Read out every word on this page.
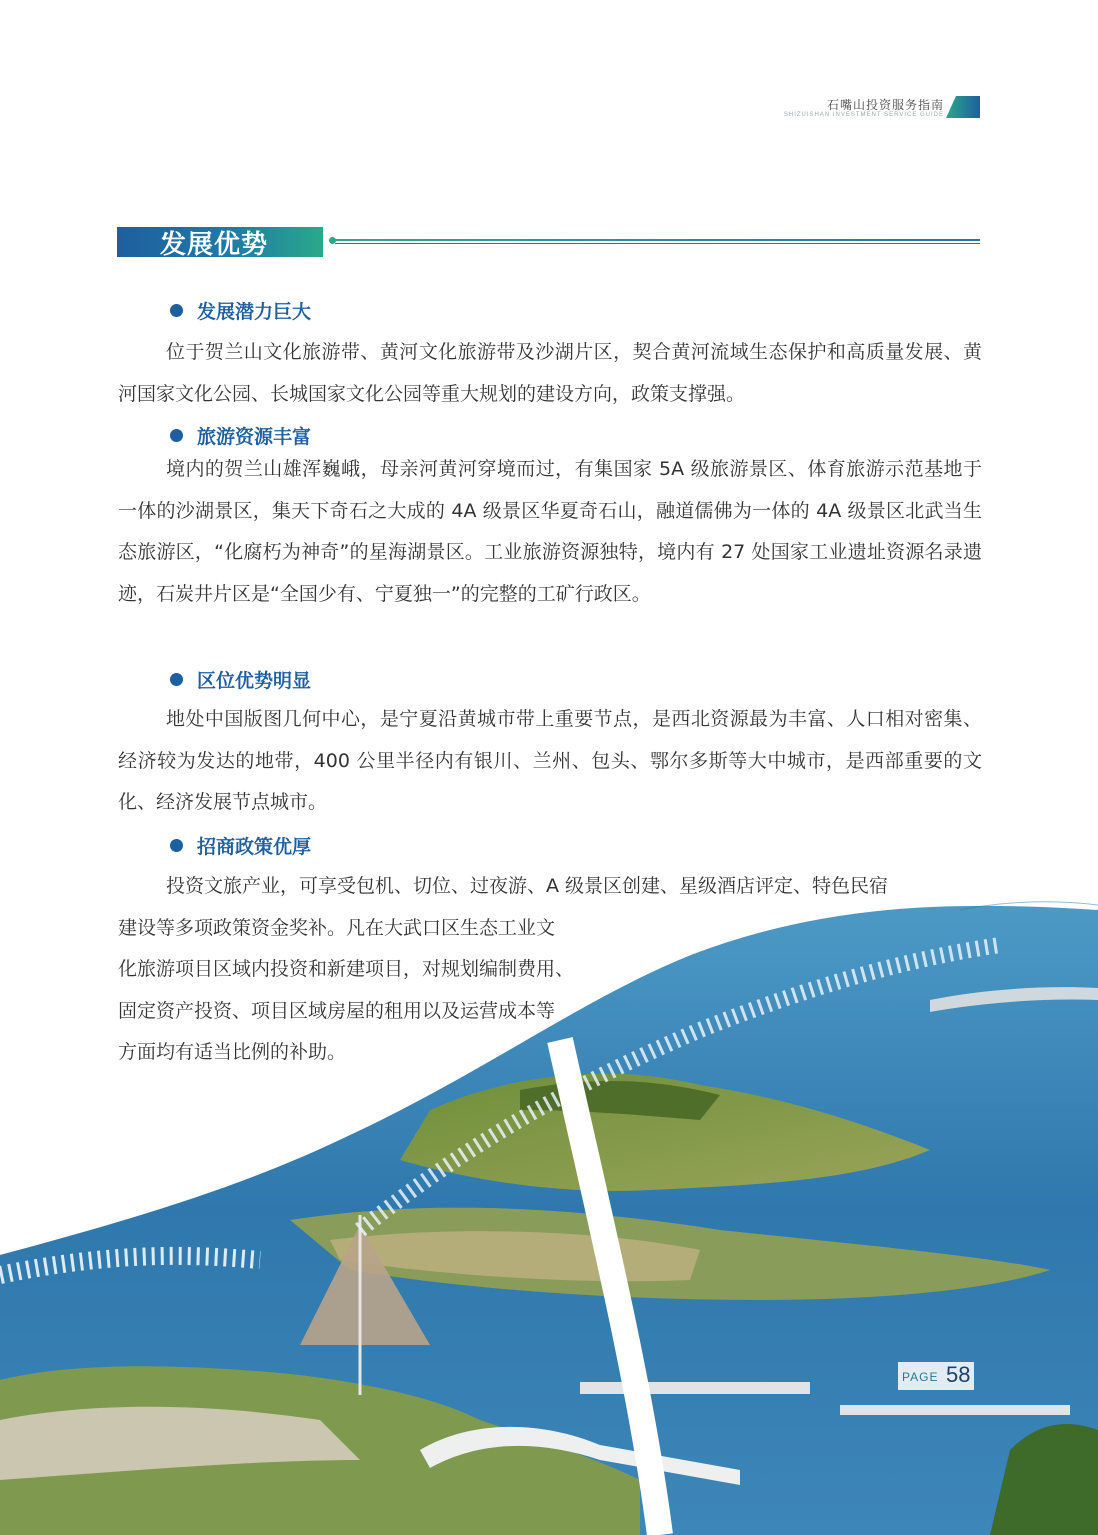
石嘴山投资服务指南
SHIZUISHAN INVESTMENT SERVICE GUIDE
发展优势
发展潜力巨大
位于贺兰山文化旅游带、黄河文化旅游带及沙湖片区，契合黄河流域生态保护和高质量发展、黄河国家文化公园、长城国家文化公园等重大规划的建设方向，政策支撑强。
旅游资源丰富
境内的贺兰山雄浑巍峨，母亲河黄河穿境而过，有集国家 5A 级旅游景区、体育旅游示范基地于一体的沙湖景区，集天下奇石之大成的 4A 级景区华夏奇石山，融道儒佛为一体的 4A 级景区北武当生态旅游区，“化腐朽为神奇”的星海湖景区。工业旅游资源独特，境内有 27 处国家工业遗址资源名录遗迹，石炭井片区是“全国少有、宁夏独一”的完整的工矿行政区。
区位优势明显
地处中国版图几何中心，是宁夏沿黄城市带上重要节点，是西北资源最为丰富、人口相对密集、经济较为发达的地带，400 公里半径内有银川、兰州、包头、鄂尔多斯等大中城市，是西部重要的文化、经济发展节点城市。
招商政策优厚
投资文旅产业，可享受包机、切位、过夜游、A 级景区创建、星级酒店评定、特色民宿
建设等多项政策资金奖补。凡在大武口区生态工业文
化旅游项目区域内投资和新建项目，对规划编制费用、
固定资产投资、项目区域房屋的租用以及运营成本等
方面均有适当比例的补助。
PAGE 58
